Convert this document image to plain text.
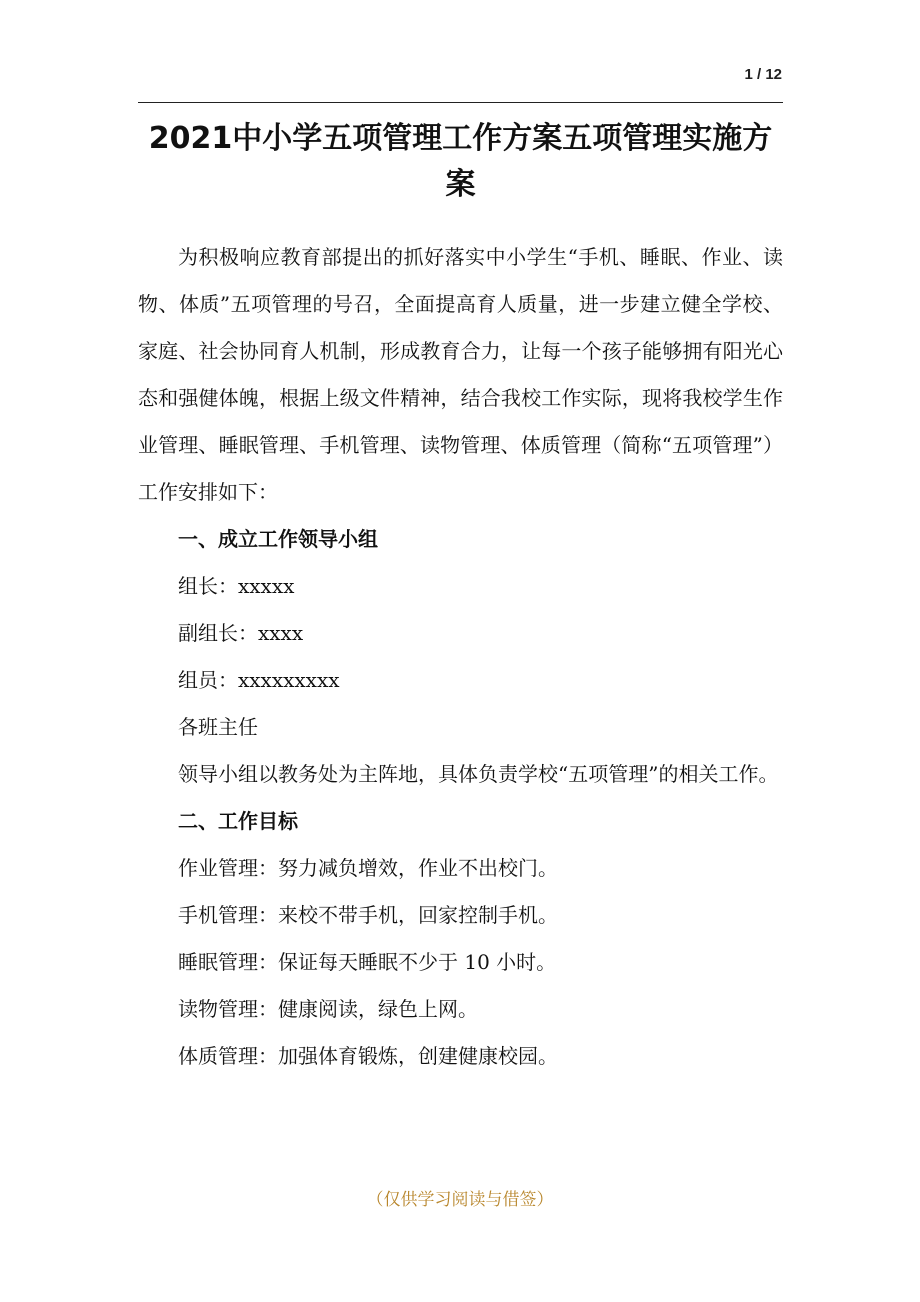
1 / 12
2021中小学五项管理工作方案五项管理实施方案

为积极响应教育部提出的抓好落实中小学生“手机、睡眠、作业、读物、体质”五项管理的号召，全面提高育人质量，进一步建立健全学校、家庭、社会协同育人机制，形成教育合力，让每一个孩子能够拥有阳光心态和强健体魄，根据上级文件精神，结合我校工作实际，现将我校学生作业管理、睡眠管理、手机管理、读物管理、体质管理（简称“五项管理”）工作安排如下：

一、成立工作领导小组

组长：xxxxx

副组长：xxxx

组员：xxxxxxxxx

各班主任

领导小组以教务处为主阵地，具体负责学校“五项管理”的相关工作。

二、工作目标

作业管理：努力减负增效，作业不出校门。

手机管理：来校不带手机，回家控制手机。

睡眠管理：保证每天睡眠不少于 10 小时。

读物管理：健康阅读，绿色上网。

体质管理：加强体育锻炼，创建健康校园。

（仅供学习阅读与借签）
